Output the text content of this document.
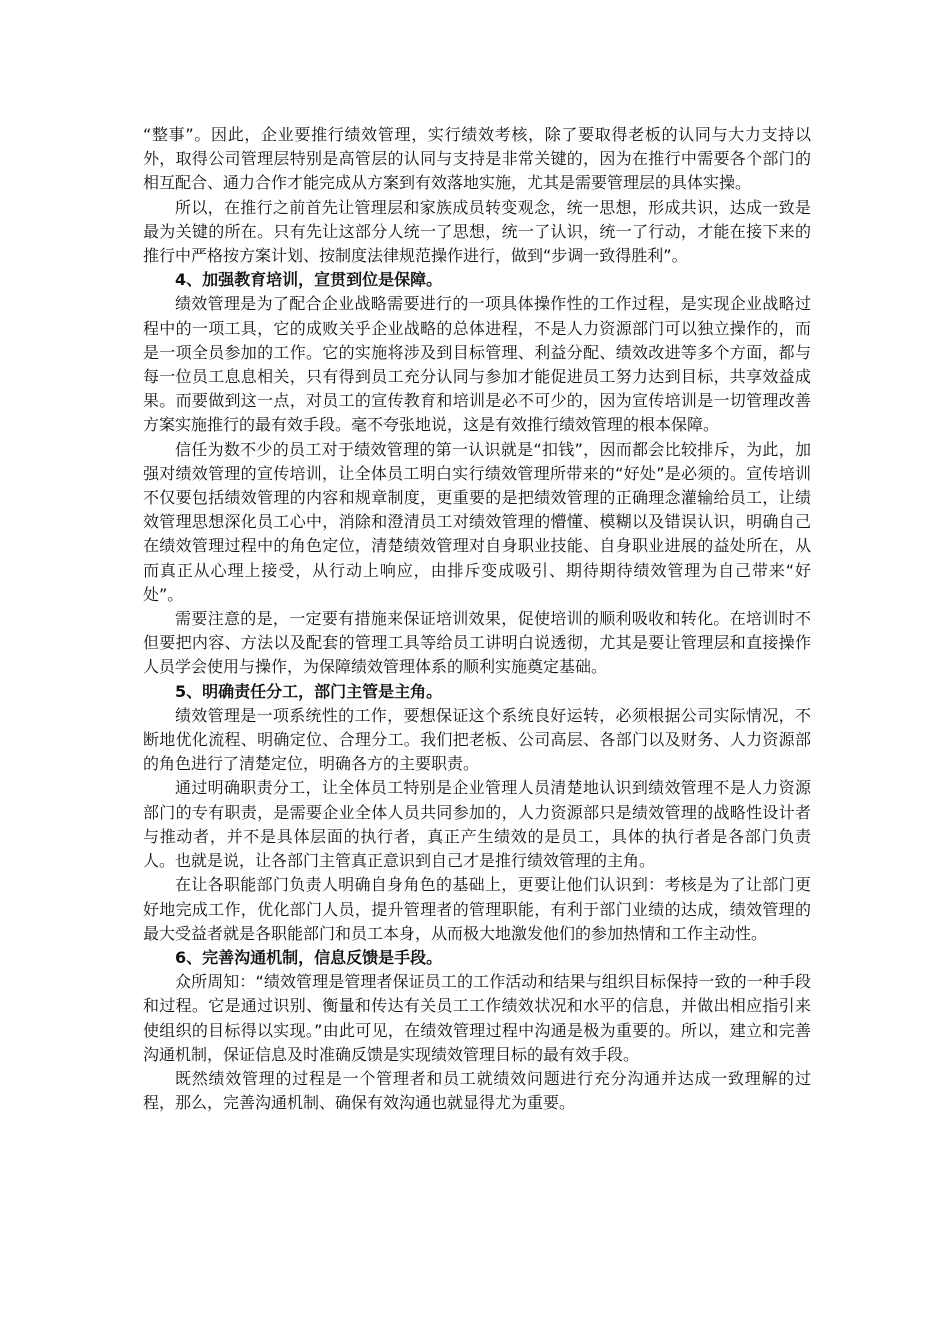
“整事”。因此，企业要推行绩效管理，实行绩效考核，除了要取得老板的认同与大力支持以外，取得公司管理层特别是高管层的认同与支持是非常关键的，因为在推行中需要各个部门的相互配合、通力合作才能完成从方案到有效落地实施，尤其是需要管理层的具体实操。

所以，在推行之前首先让管理层和家族成员转变观念，统一思想，形成共识，达成一致是最为关键的所在。只有先让这部分人统一了思想，统一了认识，统一了行动，才能在接下来的推行中严格按方案计划、按制度法律规范操作进行，做到“步调一致得胜利”。

4、加强教育培训，宣贯到位是保障。

绩效管理是为了配合企业战略需要进行的一项具体操作性的工作过程，是实现企业战略过程中的一项工具，它的成败关乎企业战略的总体进程，不是人力资源部门可以独立操作的，而是一项全员参加的工作。它的实施将涉及到目标管理、利益分配、绩效改进等多个方面，都与每一位员工息息相关，只有得到员工充分认同与参加才能促进员工努力达到目标，共享效益成果。而要做到这一点，对员工的宣传教育和培训是必不可少的，因为宣传培训是一切管理改善方案实施推行的最有效手段。毫不夸张地说，这是有效推行绩效管理的根本保障。

信任为数不少的员工对于绩效管理的第一认识就是“扣钱”，因而都会比较排斥，为此，加强对绩效管理的宣传培训，让全体员工明白实行绩效管理所带来的“好处”是必须的。宣传培训不仅要包括绩效管理的内容和规章制度，更重要的是把绩效管理的正确理念灌输给员工，让绩效管理思想深化员工心中，消除和澄清员工对绩效管理的懵懂、模糊以及错误认识，明确自己在绩效管理过程中的角色定位，清楚绩效管理对自身职业技能、自身职业进展的益处所在，从而真正从心理上接受，从行动上响应，由排斥变成吸引、期待期待绩效管理为自己带来“好处”。

需要注意的是，一定要有措施来保证培训效果，促使培训的顺利吸收和转化。在培训时不但要把内容、方法以及配套的管理工具等给员工讲明白说透彻，尤其是要让管理层和直接操作人员学会使用与操作，为保障绩效管理体系的顺利实施奠定基础。

5、明确责任分工，部门主管是主角。

绩效管理是一项系统性的工作，要想保证这个系统良好运转，必须根据公司实际情况，不断地优化流程、明确定位、合理分工。我们把老板、公司高层、各部门以及财务、人力资源部的角色进行了清楚定位，明确各方的主要职责。

通过明确职责分工，让全体员工特别是企业管理人员清楚地认识到绩效管理不是人力资源部门的专有职责，是需要企业全体人员共同参加的，人力资源部只是绩效管理的战略性设计者与推动者，并不是具体层面的执行者，真正产生绩效的是员工，具体的执行者是各部门负责人。也就是说，让各部门主管真正意识到自己才是推行绩效管理的主角。

在让各职能部门负责人明确自身角色的基础上，更要让他们认识到：考核是为了让部门更好地完成工作，优化部门人员，提升管理者的管理职能，有利于部门业绩的达成，绩效管理的最大受益者就是各职能部门和员工本身，从而极大地激发他们的参加热情和工作主动性。

6、完善沟通机制，信息反馈是手段。

众所周知：“绩效管理是管理者保证员工的工作活动和结果与组织目标保持一致的一种手段和过程。它是通过识别、衡量和传达有关员工工作绩效状况和水平的信息，并做出相应指引来使组织的目标得以实现。”由此可见，在绩效管理过程中沟通是极为重要的。所以，建立和完善沟通机制，保证信息及时准确反馈是实现绩效管理目标的最有效手段。

既然绩效管理的过程是一个管理者和员工就绩效问题进行充分沟通并达成一致理解的过程，那么，完善沟通机制、确保有效沟通也就显得尤为重要。
